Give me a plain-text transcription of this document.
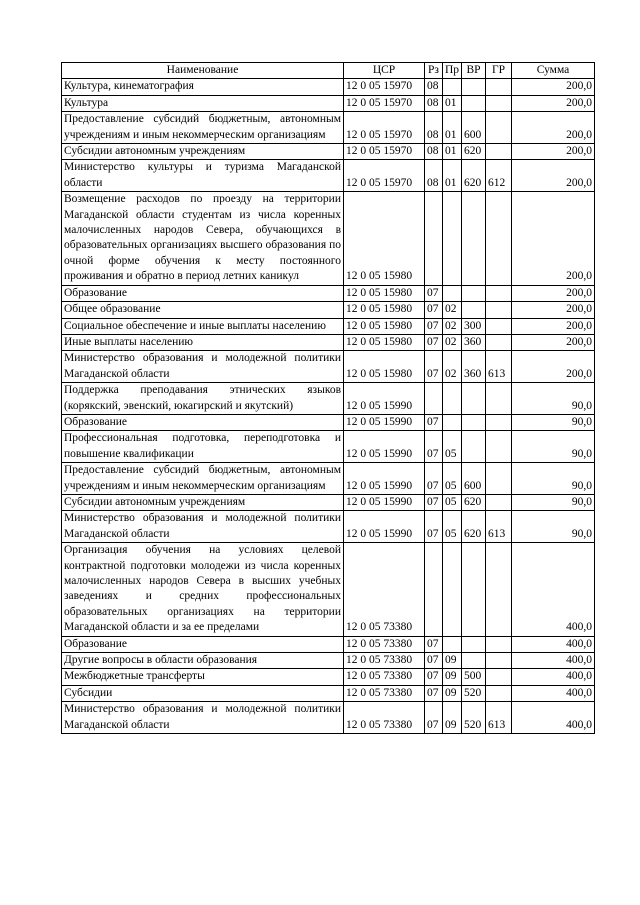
Наименование	ЦСР	Рз	Пр	ВР	ГР	Сумма
Культура, кинематография	12 0 05 15970	08				200,0
Культура	12 0 05 15970	08	01			200,0
Предоставление субсидий бюджетным, автономным учреждениям и иным некоммерческим организациям	12 0 05 15970	08	01	600		200,0
Субсидии автономным учреждениям	12 0 05 15970	08	01	620		200,0
Министерство культуры и туризма Магаданской области	12 0 05 15970	08	01	620	612	200,0
Возмещение расходов по проезду на территории Магаданской области студентам из числа коренных малочисленных народов Севера, обучающихся в образовательных организациях высшего образования по очной форме обучения к месту постоянного проживания и обратно в период летних каникул	12 0 05 15980					200,0
Образование	12 0 05 15980	07				200,0
Общее образование	12 0 05 15980	07	02			200,0
Социальное обеспечение и иные выплаты населению	12 0 05 15980	07	02	300		200,0
Иные выплаты населению	12 0 05 15980	07	02	360		200,0
Министерство образования и молодежной политики Магаданской области	12 0 05 15980	07	02	360	613	200,0
Поддержка преподавания этнических языков (корякский, эвенский, юкагирский и якутский)	12 0 05 15990					90,0
Образование	12 0 05 15990	07				90,0
Профессиональная подготовка, переподготовка и повышение квалификации	12 0 05 15990	07	05			90,0
Предоставление субсидий бюджетным, автономным учреждениям и иным некоммерческим организациям	12 0 05 15990	07	05	600		90,0
Субсидии автономным учреждениям	12 0 05 15990	07	05	620		90,0
Министерство образования и молодежной политики Магаданской области	12 0 05 15990	07	05	620	613	90,0
Организация обучения на условиях целевой контрактной подготовки молодежи из числа коренных малочисленных народов Севера в высших учебных заведениях и средних профессиональных образовательных организациях на территории Магаданской области и за ее пределами	12 0 05 73380					400,0
Образование	12 0 05 73380	07				400,0
Другие вопросы в области образования	12 0 05 73380	07	09			400,0
Межбюджетные трансферты	12 0 05 73380	07	09	500		400,0
Субсидии	12 0 05 73380	07	09	520		400,0
Министерство образования и молодежной политики Магаданской области	12 0 05 73380	07	09	520	613	400,0
